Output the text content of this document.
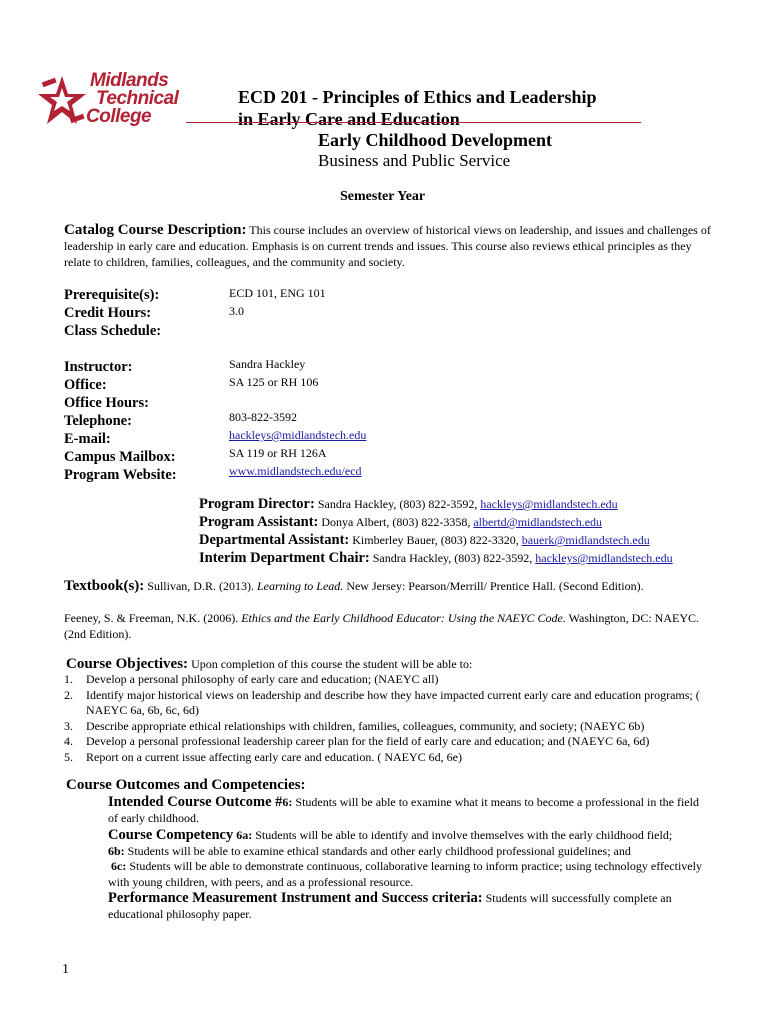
Midlands
Technical
College
ECD 201 - Principles of Ethics and Leadership
in Early Care and Education
Early Childhood Development
Business and Public Service
Semester Year
Catalog Course Description: This course includes an overview of historical views on leadership, and issues and challenges of leadership in early care and education. Emphasis is on current trends and issues. This course also reviews ethical principles as they relate to children, families, colleagues, and the community and society.
Prerequisite(s):	ECD 101, ENG 101
Credit Hours:	3.0
Class Schedule:
Instructor:	Sandra Hackley
Office:	SA 125 or RH 106
Office Hours:
Telephone:	803-822-3592
E-mail:	hackleys@midlandstech.edu
Campus Mailbox:	SA 119 or RH 126A
Program Website:	www.midlandstech.edu/ecd
Program Director: Sandra Hackley, (803) 822-3592, hackleys@midlandstech.edu
Program Assistant: Donya Albert, (803) 822-3358, albertd@midlandstech.edu
Departmental Assistant: Kimberley Bauer, (803) 822-3320, bauerk@midlandstech.edu
Interim Department Chair: Sandra Hackley, (803) 822-3592, hackleys@midlandstech.edu
Textbook(s): Sullivan, D.R. (2013). Learning to Lead. New Jersey: Pearson/Merrill/ Prentice Hall. (Second Edition).
Feeney, S. & Freeman, N.K. (2006). Ethics and the Early Childhood Educator: Using the NAEYC Code. Washington, DC: NAEYC. (2nd Edition).
Course Objectives: Upon completion of this course the student will be able to:
1.	Develop a personal philosophy of early care and education; (NAEYC all)
2.	Identify major historical views on leadership and describe how they have impacted current early care and education programs; ( NAEYC 6a, 6b, 6c, 6d)
3.	Describe appropriate ethical relationships with children, families, colleagues, community, and society; (NAEYC 6b)
4.	Develop a personal professional leadership career plan for the field of early care and education; and (NAEYC 6a, 6d)
5.	Report on a current issue affecting early care and education. ( NAEYC 6d, 6e)
Course Outcomes and Competencies:
Intended Course Outcome #6: Students will be able to examine what it means to become a professional in the field of early childhood.
Course Competency 6a: Students will be able to identify and involve themselves with the early childhood field;
6b: Students will be able to examine ethical standards and other early childhood professional guidelines; and
6c: Students will be able to demonstrate continuous, collaborative learning to inform practice; using technology effectively with young children, with peers, and as a professional resource.
Performance Measurement Instrument and Success criteria: Students will successfully complete an educational philosophy paper.
1
